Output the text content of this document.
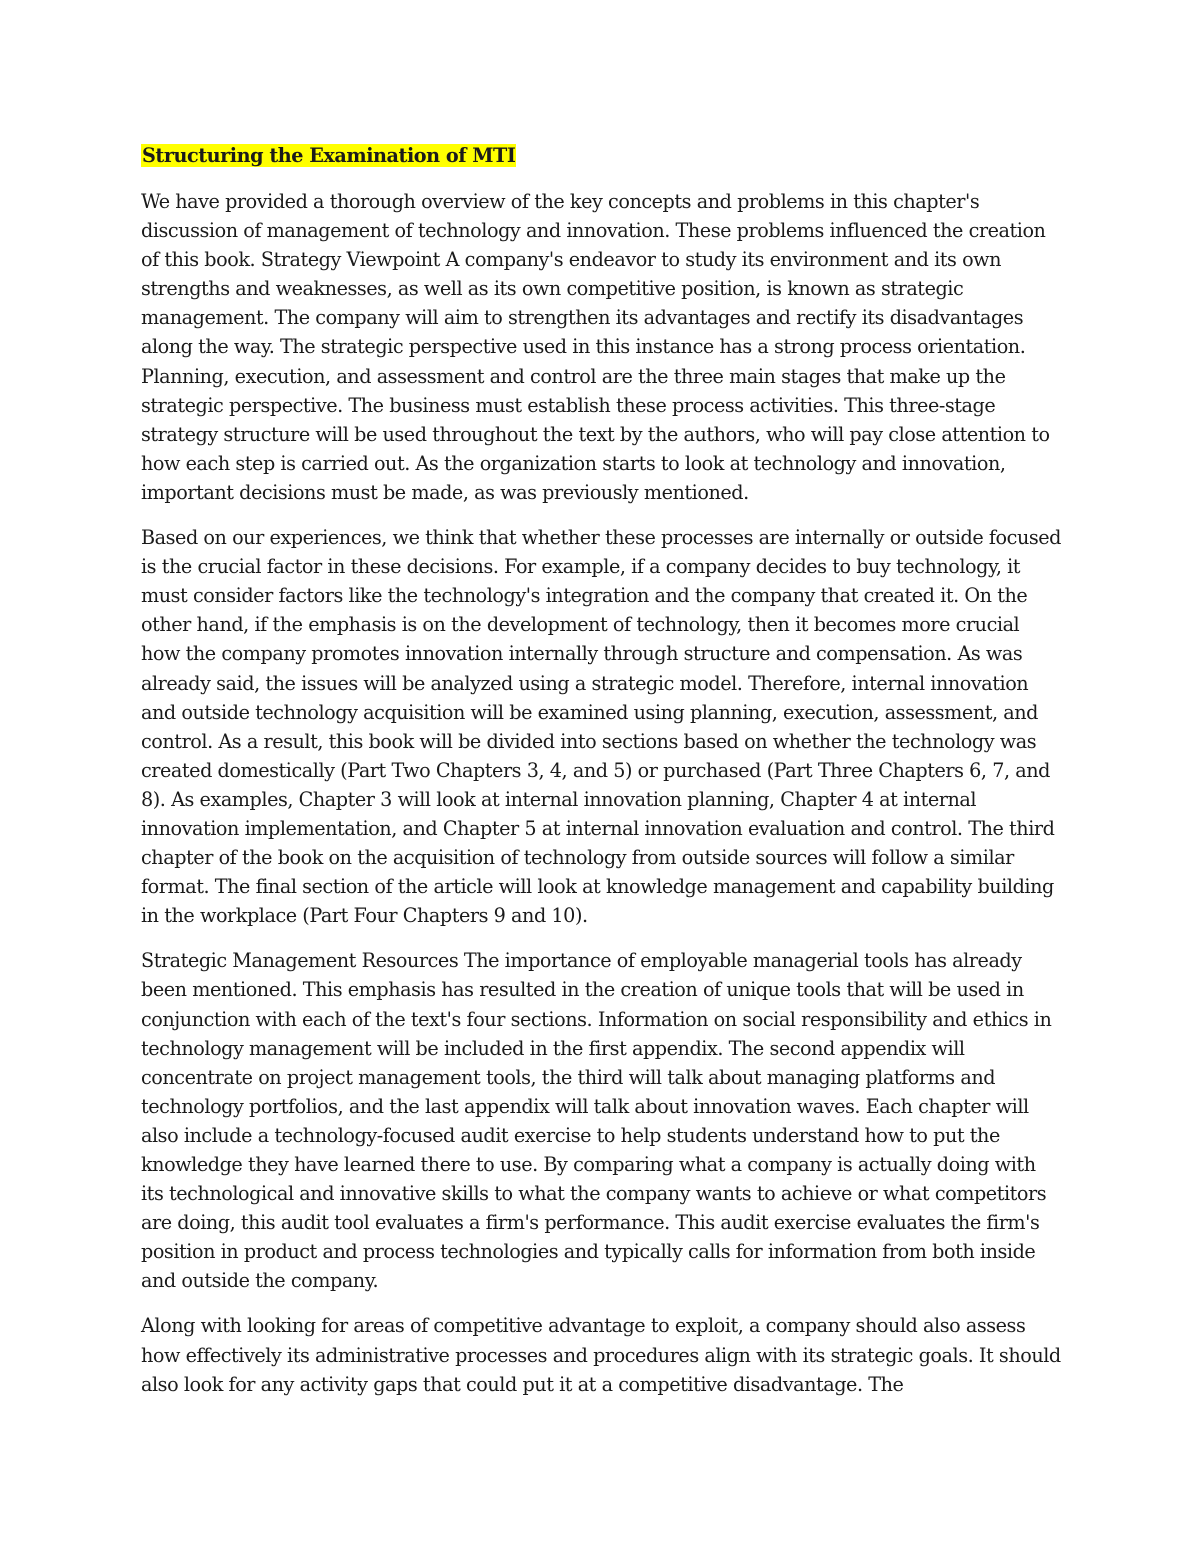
Structuring the Examination of MTI

We have provided a thorough overview of the key concepts and problems in this chapter's discussion of management of technology and innovation. These problems influenced the creation of this book. Strategy Viewpoint A company's endeavor to study its environment and its own strengths and weaknesses, as well as its own competitive position, is known as strategic management. The company will aim to strengthen its advantages and rectify its disadvantages along the way. The strategic perspective used in this instance has a strong process orientation. Planning, execution, and assessment and control are the three main stages that make up the strategic perspective. The business must establish these process activities. This three-stage strategy structure will be used throughout the text by the authors, who will pay close attention to how each step is carried out. As the organization starts to look at technology and innovation, important decisions must be made, as was previously mentioned.

Based on our experiences, we think that whether these processes are internally or outside focused is the crucial factor in these decisions. For example, if a company decides to buy technology, it must consider factors like the technology's integration and the company that created it. On the other hand, if the emphasis is on the development of technology, then it becomes more crucial how the company promotes innovation internally through structure and compensation. As was already said, the issues will be analyzed using a strategic model. Therefore, internal innovation and outside technology acquisition will be examined using planning, execution, assessment, and control. As a result, this book will be divided into sections based on whether the technology was created domestically (Part Two Chapters 3, 4, and 5) or purchased (Part Three Chapters 6, 7, and 8). As examples, Chapter 3 will look at internal innovation planning, Chapter 4 at internal innovation implementation, and Chapter 5 at internal innovation evaluation and control. The third chapter of the book on the acquisition of technology from outside sources will follow a similar format. The final section of the article will look at knowledge management and capability building in the workplace (Part Four Chapters 9 and 10).

Strategic Management Resources The importance of employable managerial tools has already been mentioned. This emphasis has resulted in the creation of unique tools that will be used in conjunction with each of the text's four sections. Information on social responsibility and ethics in technology management will be included in the first appendix. The second appendix will concentrate on project management tools, the third will talk about managing platforms and technology portfolios, and the last appendix will talk about innovation waves. Each chapter will also include a technology-focused audit exercise to help students understand how to put the knowledge they have learned there to use. By comparing what a company is actually doing with its technological and innovative skills to what the company wants to achieve or what competitors are doing, this audit tool evaluates a firm's performance. This audit exercise evaluates the firm's position in product and process technologies and typically calls for information from both inside and outside the company.

Along with looking for areas of competitive advantage to exploit, a company should also assess how effectively its administrative processes and procedures align with its strategic goals. It should also look for any activity gaps that could put it at a competitive disadvantage. The
